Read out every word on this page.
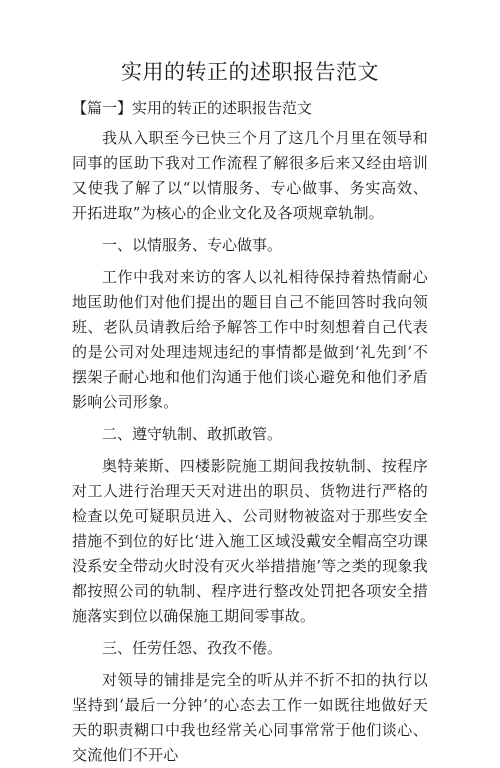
实用的转正的述职报告范文
【篇一】实用的转正的述职报告范文

我从入职至今已快三个月了这几个月里在领导和同事的匡助下我对工作流程了解很多后来又经由培训又使我了解了以“以情服务、专心做事、务实高效、开拓进取”为核心的企业文化及各项规章轨制。

一、以情服务、专心做事。

工作中我对来访的客人以礼相待保持着热情耐心地匡助他们对他们提出的题目自己不能回答时我向领班、老队员请教后给予解答工作中时刻想着自己代表的是公司对处理违规违纪的事情都是做到‘礼先到’不摆架子耐心地和他们沟通于他们谈心避免和他们矛盾影响公司形象。

二、遵守轨制、敢抓敢管。

奥特莱斯、四楼影院施工期间我按轨制、按程序对工人进行治理天天对进出的职员、货物进行严格的检查以免可疑职员进入、公司财物被盗对于那些安全措施不到位的好比‘进入施工区域没戴安全帽高空功课没系安全带动火时没有灭火举措措施’等之类的现象我都按照公司的轨制、程序进行整改处罚把各项安全措施落实到位以确保施工期间零事故。

三、任劳任怨、孜孜不倦。

对领导的铺排是完全的听从并不折不扣的执行以坚持到‘最后一分钟’的心态去工作一如既往地做好天天的职责糊口中我也经常关心同事常常于他们谈心、交流他们不开心
